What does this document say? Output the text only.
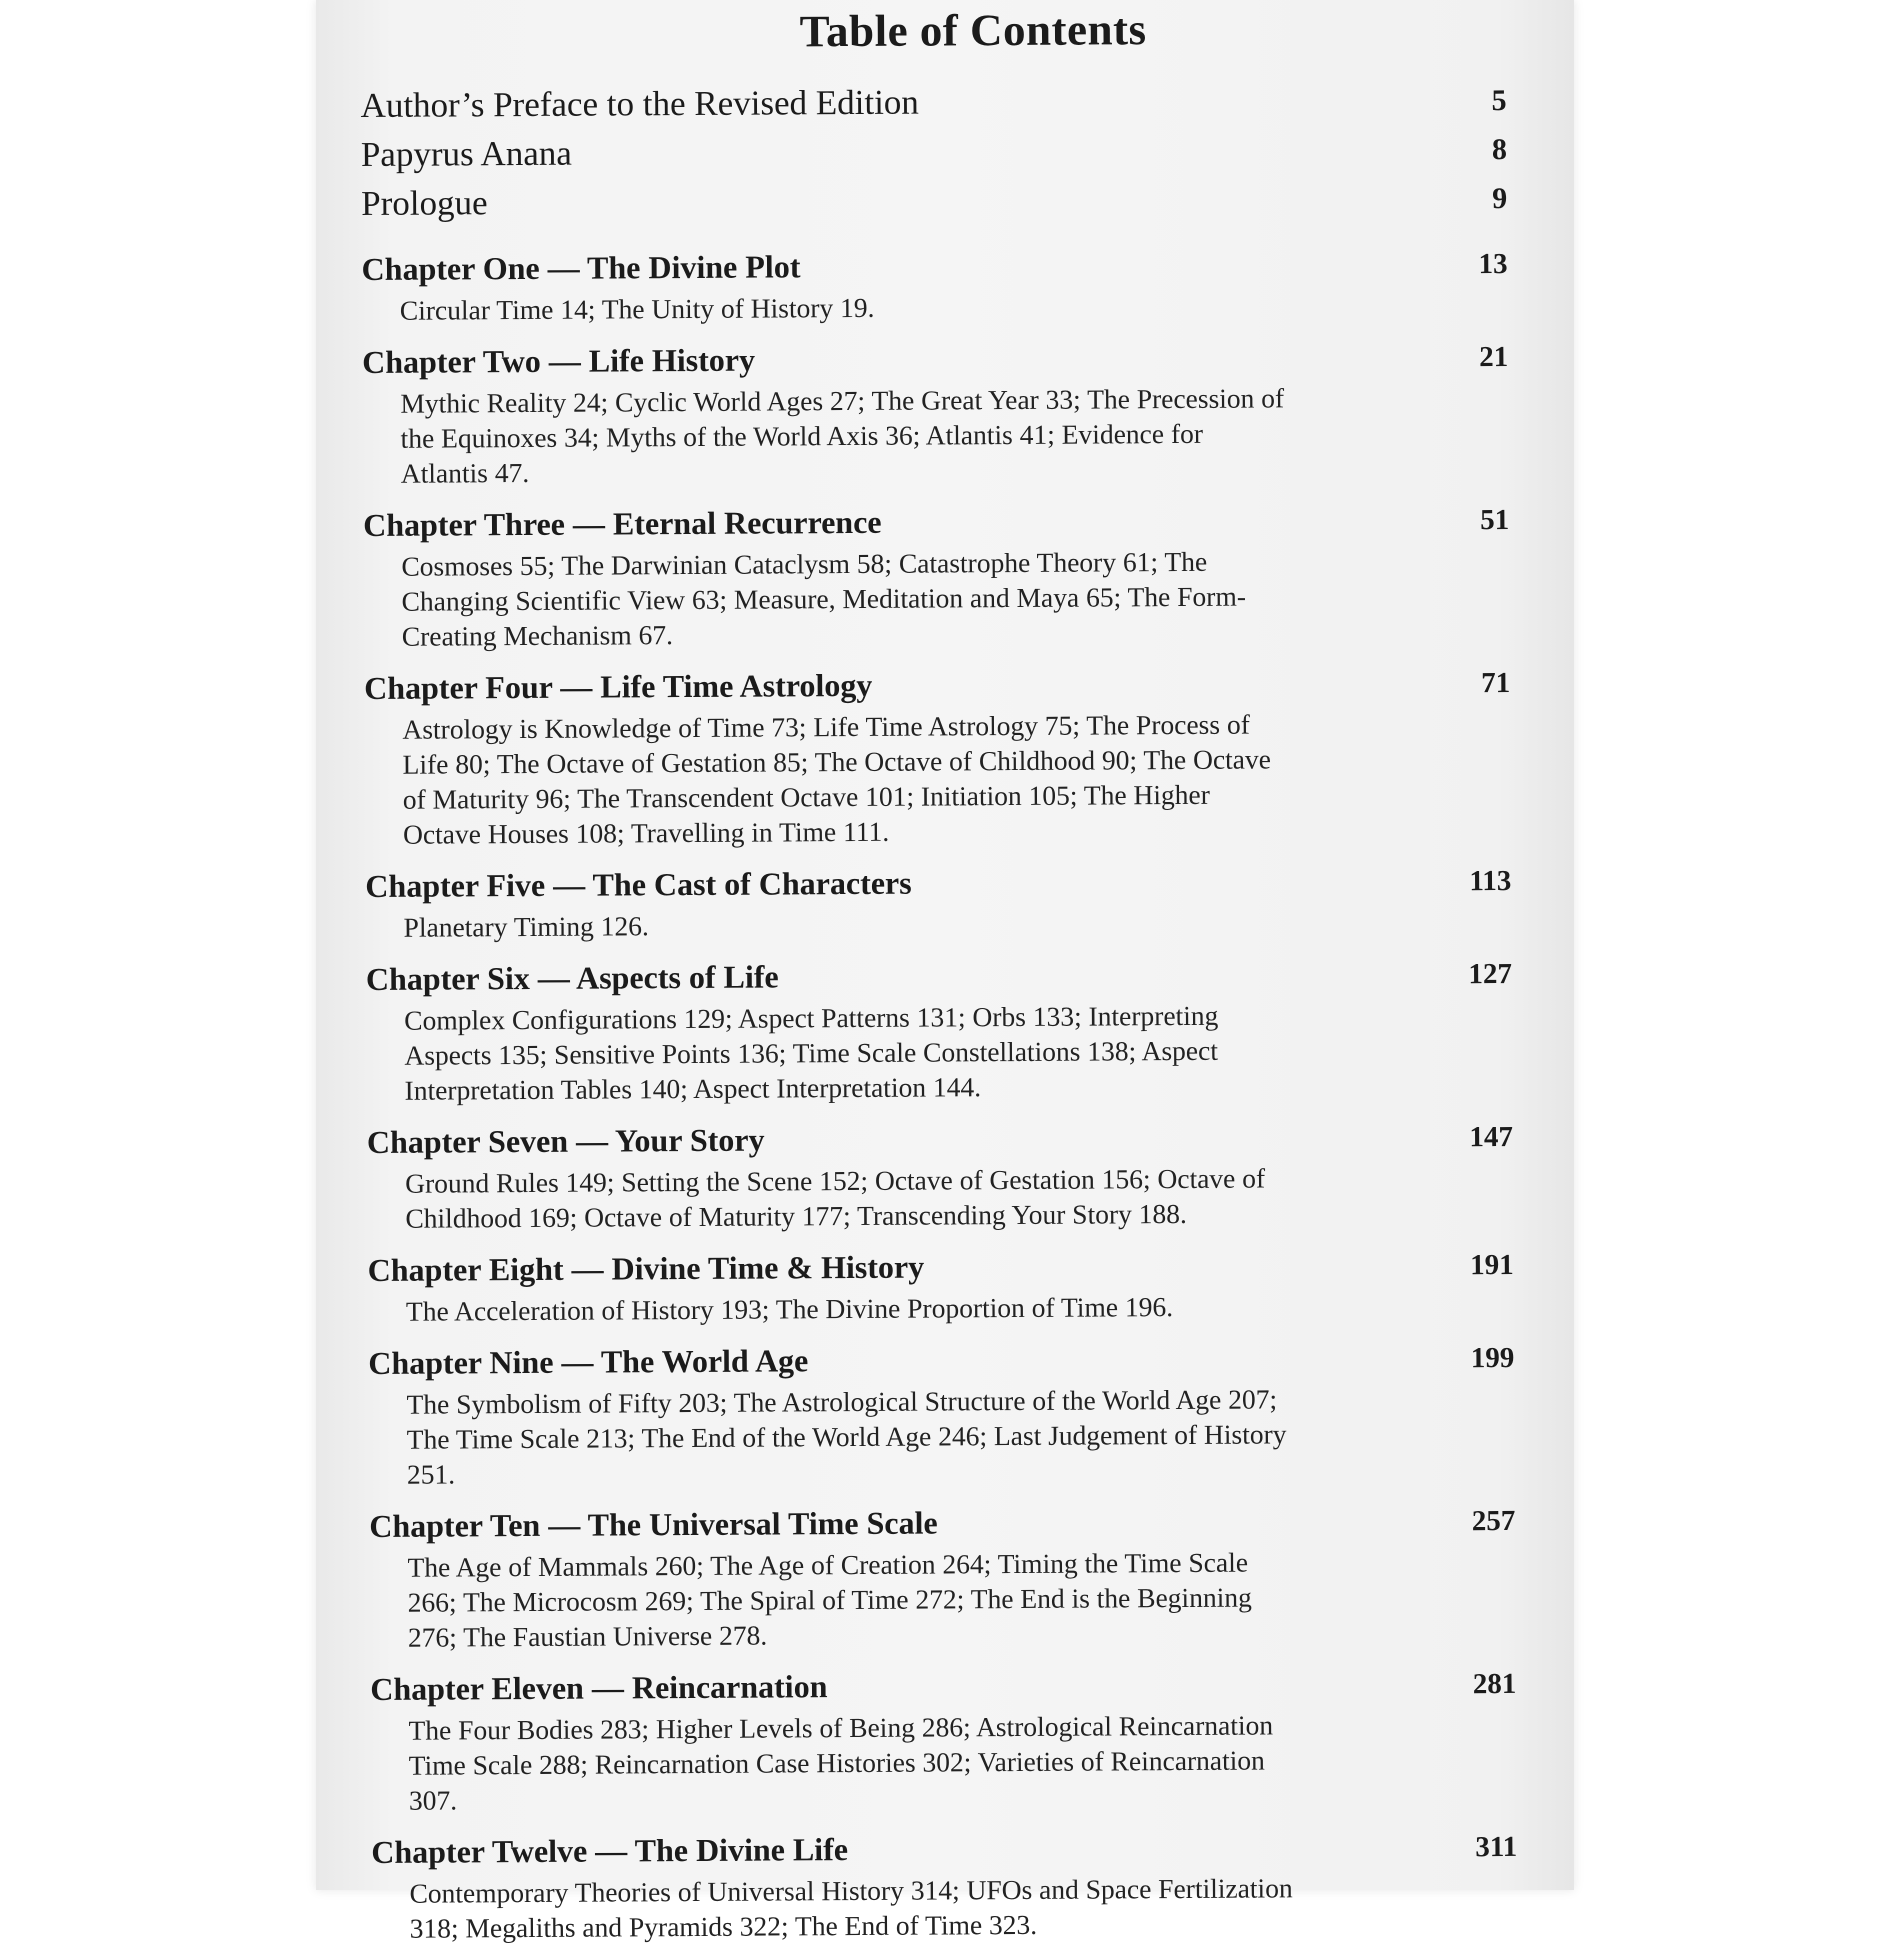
Table of Contents
Author’s Preface to the Revised Edition	5
Papyrus Anana	8
Prologue	9
Chapter One — The Divine Plot	13
Circular Time 14; The Unity of History 19.
Chapter Two — Life History	21
Mythic Reality 24; Cyclic World Ages 27; The Great Year 33; The Precession of the Equinoxes 34; Myths of the World Axis 36; Atlantis 41; Evidence for Atlantis 47.
Chapter Three — Eternal Recurrence	51
Cosmoses 55; The Darwinian Cataclysm 58; Catastrophe Theory 61; The Changing Scientific View 63; Measure, Meditation and Maya 65; The Form-Creating Mechanism 67.
Chapter Four — Life Time Astrology	71
Astrology is Knowledge of Time 73; Life Time Astrology 75; The Process of Life 80; The Octave of Gestation 85; The Octave of Childhood 90; The Octave of Maturity 96; The Transcendent Octave 101; Initiation 105; The Higher Octave Houses 108; Travelling in Time 111.
Chapter Five — The Cast of Characters	113
Planetary Timing 126.
Chapter Six — Aspects of Life	127
Complex Configurations 129; Aspect Patterns 131; Orbs 133; Interpreting Aspects 135; Sensitive Points 136; Time Scale Constellations 138; Aspect Interpretation Tables 140; Aspect Interpretation 144.
Chapter Seven — Your Story	147
Ground Rules 149; Setting the Scene 152; Octave of Gestation 156; Octave of Childhood 169; Octave of Maturity 177; Transcending Your Story 188.
Chapter Eight — Divine Time & History	191
The Acceleration of History 193; The Divine Proportion of Time 196.
Chapter Nine — The World Age	199
The Symbolism of Fifty 203; The Astrological Structure of the World Age 207; The Time Scale 213; The End of the World Age 246; Last Judgement of History 251.
Chapter Ten — The Universal Time Scale	257
The Age of Mammals 260; The Age of Creation 264; Timing the Time Scale 266; The Microcosm 269; The Spiral of Time 272; The End is the Beginning 276; The Faustian Universe 278.
Chapter Eleven — Reincarnation	281
The Four Bodies 283; Higher Levels of Being 286; Astrological Reincarnation Time Scale 288; Reincarnation Case Histories 302; Varieties of Reincarnation 307.
Chapter Twelve — The Divine Life	311
Contemporary Theories of Universal History 314; UFOs and Space Fertilization 318; Megaliths and Pyramids 322; The End of Time 323.
